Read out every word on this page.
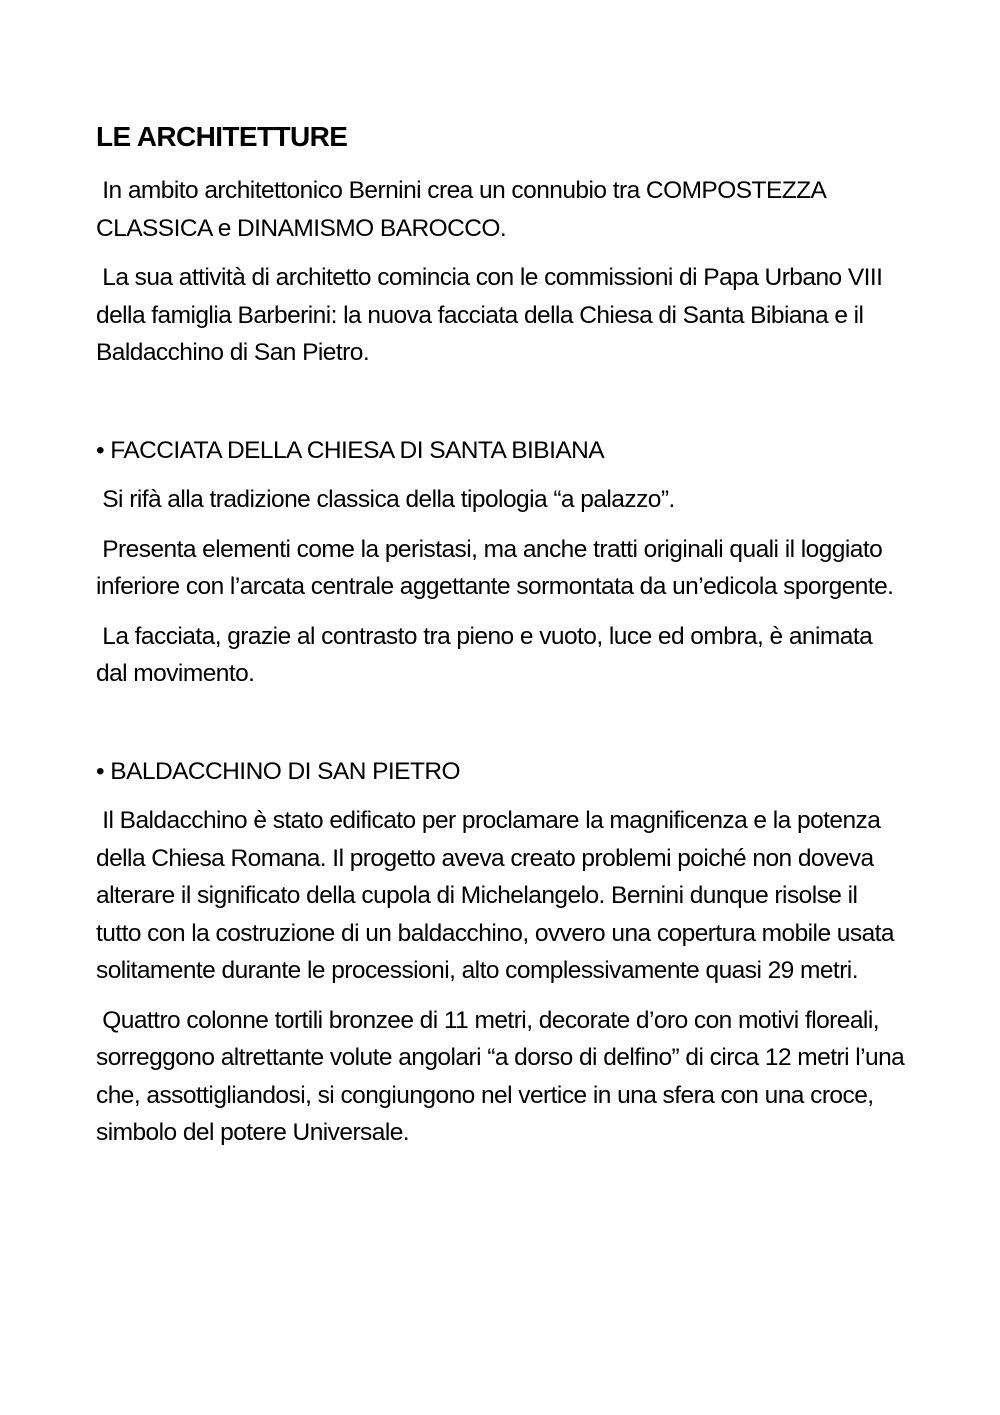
LE ARCHITETTURE

In ambito architettonico Bernini crea un connubio tra COMPOSTEZZA CLASSICA e DINAMISMO BAROCCO.

La sua attività di architetto comincia con le commissioni di Papa Urbano VIII della famiglia Barberini: la nuova facciata della Chiesa di Santa Bibiana e il Baldacchino di San Pietro.

• FACCIATA DELLA CHIESA DI SANTA BIBIANA

Si rifà alla tradizione classica della tipologia “a palazzo”.

Presenta elementi come la peristasi, ma anche tratti originali quali il loggiato inferiore con l’arcata centrale aggettante sormontata da un’edicola sporgente.

La facciata, grazie al contrasto tra pieno e vuoto, luce ed ombra, è animata dal movimento.

• BALDACCHINO DI SAN PIETRO

Il Baldacchino è stato edificato per proclamare la magnificenza e la potenza della Chiesa Romana. Il progetto aveva creato problemi poiché non doveva alterare il significato della cupola di Michelangelo. Bernini dunque risolse il tutto con la costruzione di un baldacchino, ovvero una copertura mobile usata solitamente durante le processioni, alto complessivamente quasi 29 metri.

Quattro colonne tortili bronzee di 11 metri, decorate d’oro con motivi floreali, sorreggono altrettante volute angolari “a dorso di delfino” di circa 12 metri l’una che, assottigliandosi, si congiungono nel vertice in una sfera con una croce, simbolo del potere Universale.
